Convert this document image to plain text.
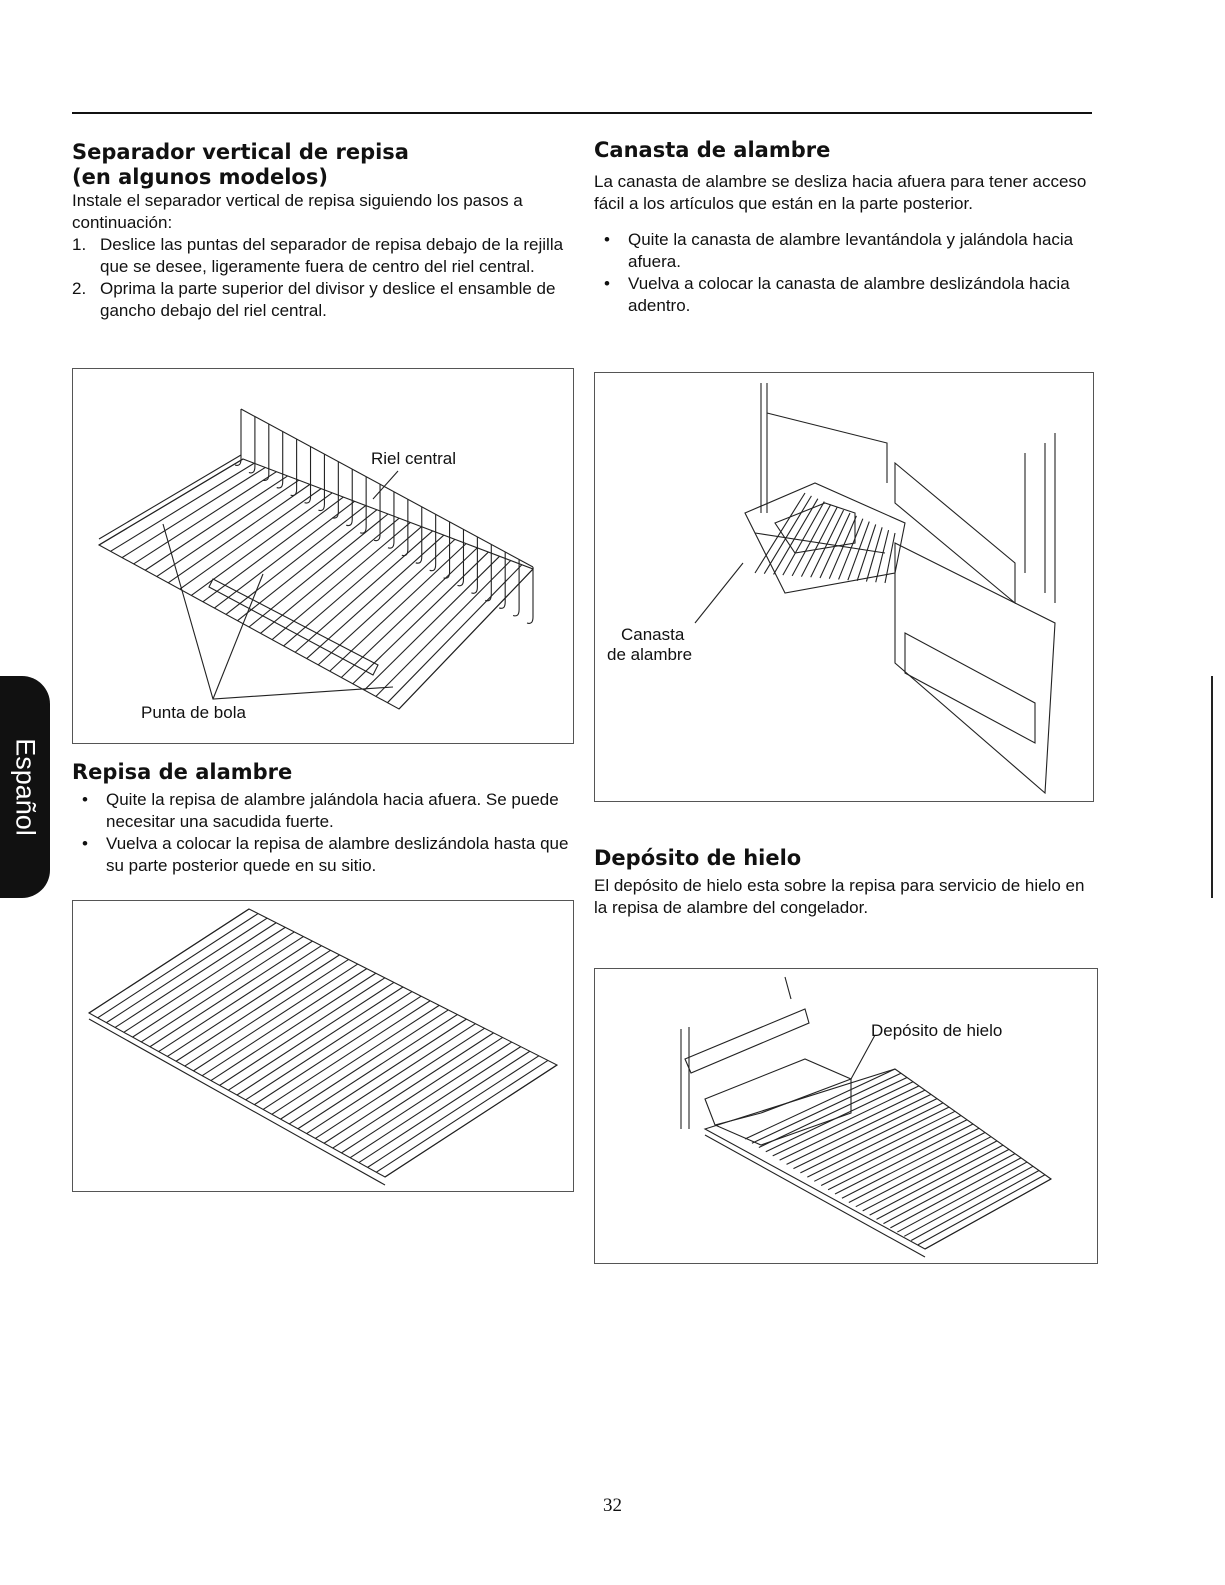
Separador vertical de repisa
(en algunos modelos)

Instale el separador vertical de repisa siguiendo los pasos a continuación:

1. Deslice las puntas del separador de repisa debajo de la rejilla que se desee, ligeramente fuera de centro del riel central.
2. Oprima la parte superior del divisor y deslice el ensamble de gancho debajo del riel central.
Riel central
Punta de bola
Repisa de alambre
• Quite la repisa de alambre jalándola hacia afuera. Se puede necesitar una sacudida fuerte.
• Vuelva a colocar la repisa de alambre deslizándola hasta que su parte posterior quede en su sitio.
Canasta de alambre

La canasta de alambre se desliza hacia afuera para tener acceso fácil a los artículos que están en la parte posterior.

• Quite la canasta de alambre levantándola y jalándola hacia afuera.
• Vuelva a colocar la canasta de alambre deslizándola hacia adentro.
Canasta
de alambre
Depósito de hielo

El depósito de hielo esta sobre la repisa para servicio de hielo en la repisa de alambre del congelador.

Depósito de hielo
Español
32
